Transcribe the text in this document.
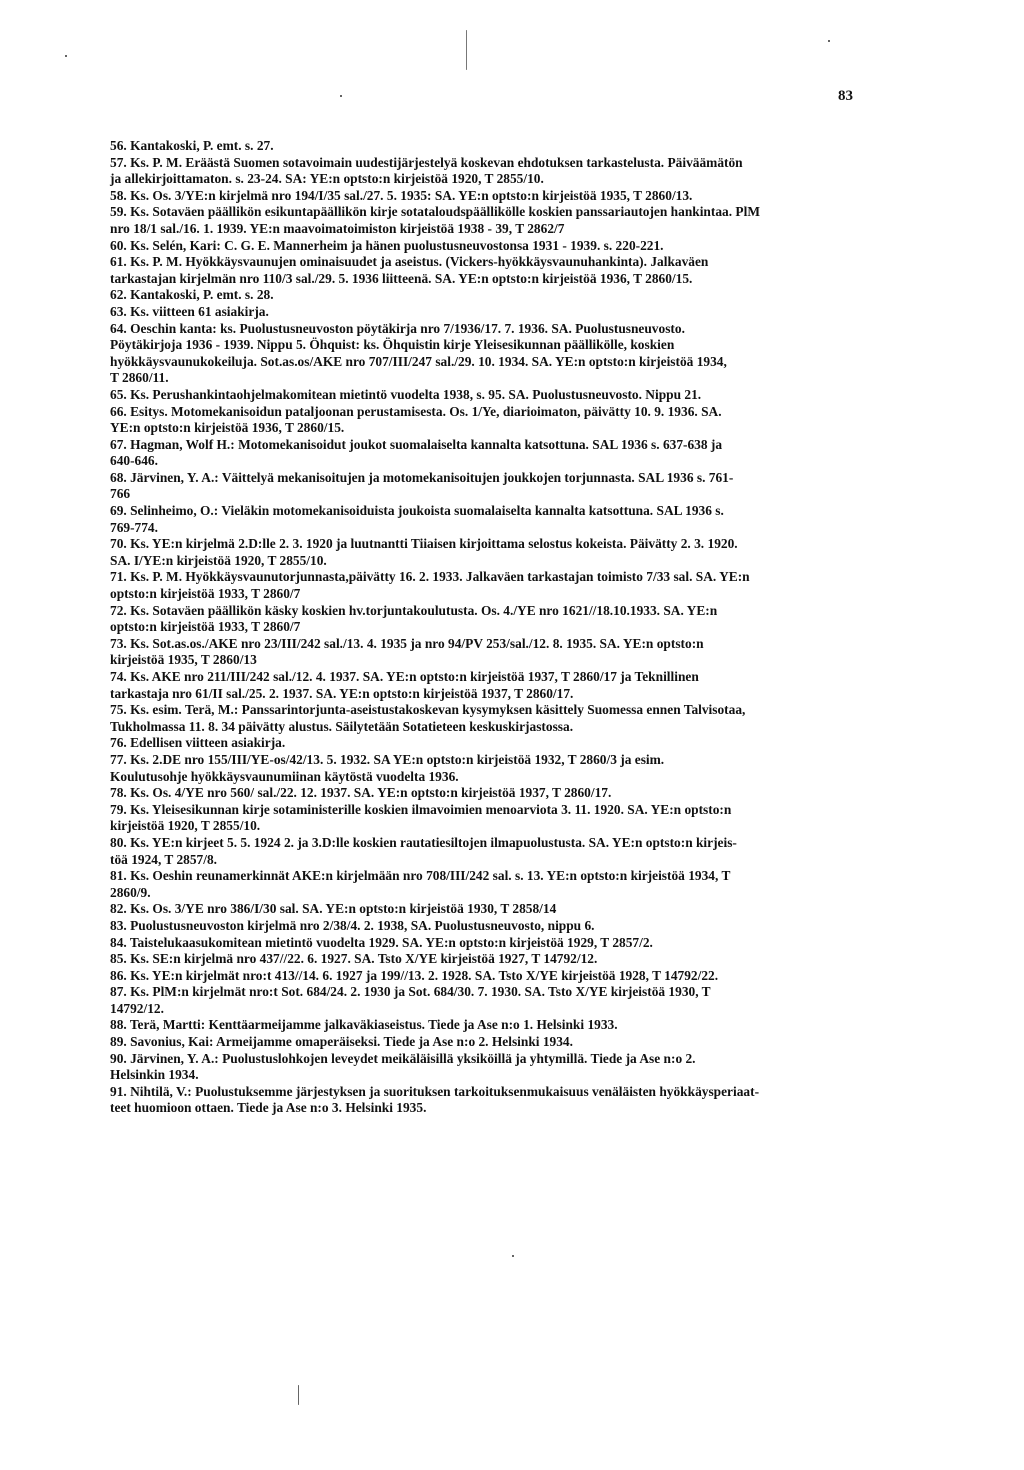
83
56. Kantakoski, P. emt. s. 27.
57. Ks. P. M. Eräästä Suomen sotavoimain uudestijärjestelyä koskevan ehdotuksen tarkastelusta. Päiväämätön
ja allekirjoittamaton. s. 23-24. SA: YE:n optsto:n kirjeistöä 1920, T 2855/10.
58. Ks. Os. 3/YE:n kirjelmä nro 194/I/35 sal./27. 5. 1935: SA. YE:n optsto:n kirjeistöä 1935, T 2860/13.
59. Ks. Sotaväen päällikön esikuntapäällikön kirje sotataloudspäällikölle koskien panssariautojen hankintaa. PlM
nro 18/1 sal./16. 1. 1939. YE:n maavoimatoimiston kirjeistöä 1938 - 39, T 2862/7
60. Ks. Selén, Kari: C. G. E. Mannerheim ja hänen puolustusneuvostonsa 1931 - 1939. s. 220-221.
61. Ks. P. M. Hyökkäysvaunujen ominaisuudet ja aseistus. (Vickers-hyökkäysvaunuhankinta). Jalkaväen
tarkastajan kirjelmän nro 110/3 sal./29. 5. 1936 liitteenä. SA. YE:n optsto:n kirjeistöä 1936, T 2860/15.
62. Kantakoski, P. emt. s. 28.
63. Ks. viitteen 61 asiakirja.
64. Oeschin kanta: ks. Puolustusneuvoston pöytäkirja nro 7/1936/17. 7. 1936. SA. Puolustusneuvosto.
Pöytäkirjoja 1936 - 1939. Nippu 5. Öhquist: ks. Öhquistin kirje Yleisesikunnan päällikölle, koskien
hyökkäysvaunukokeiluja. Sot.as.os/AKE nro 707/III/247 sal./29. 10. 1934. SA. YE:n optsto:n kirjeistöä 1934,
T 2860/11.
65. Ks. Perushankintaohjelmakomitean mietintö vuodelta 1938, s. 95. SA. Puolustusneuvosto. Nippu 21.
66. Esitys. Motomekanisoidun pataljoonan perustamisesta. Os. 1/Ye, diarioimaton, päivätty 10. 9. 1936. SA.
YE:n optsto:n kirjeistöä 1936, T 2860/15.
67. Hagman, Wolf H.: Motomekanisoidut joukot suomalaiselta kannalta katsottuna. SAL 1936 s. 637-638 ja
640-646.
68. Järvinen, Y. A.: Väittelyä mekanisoitujen ja motomekanisoitujen joukkojen torjunnasta. SAL 1936 s. 761-
766
69. Selinheimo, O.: Vieläkin motomekanisoiduista joukoista suomalaiselta kannalta katsottuna. SAL 1936 s.
769-774.
70. Ks. YE:n kirjelmä 2.D:lle 2. 3. 1920 ja luutnantti Tiiaisen kirjoittama selostus kokeista. Päivätty 2. 3. 1920.
SA. I/YE:n kirjeistöä 1920, T 2855/10.
71. Ks. P. M. Hyökkäysvaunutorjunnasta,päivätty 16. 2. 1933. Jalkaväen tarkastajan toimisto 7/33 sal. SA. YE:n
optsto:n kirjeistöä 1933, T 2860/7
72. Ks. Sotaväen päällikön käsky koskien hv.torjuntakoulutusta. Os. 4./YE nro 1621//18.10.1933. SA. YE:n
optsto:n kirjeistöä 1933, T 2860/7
73. Ks. Sot.as.os./AKE nro 23/III/242 sal./13. 4. 1935 ja nro 94/PV 253/sal./12. 8. 1935. SA. YE:n optsto:n
kirjeistöä 1935, T 2860/13
74. Ks. AKE nro 211/III/242 sal./12. 4. 1937. SA. YE:n optsto:n kirjeistöä 1937, T 2860/17 ja Teknillinen
tarkastaja nro 61/II sal./25. 2. 1937. SA. YE:n optsto:n kirjeistöä 1937, T 2860/17.
75. Ks. esim. Terä, M.: Panssarintorjunta-aseistustakoskevan kysymyksen käsittely Suomessa ennen Talvisotaa,
Tukholmassa 11. 8. 34 päivätty alustus. Säilytetään Sotatieteen keskuskirjastossa.
76. Edellisen viitteen asiakirja.
77. Ks. 2.DE nro 155/III/YE-os/42/13. 5. 1932. SA YE:n optsto:n kirjeistöä 1932, T 2860/3 ja esim.
Koulutusohje hyökkäysvaunumiinan käytöstä vuodelta 1936.
78. Ks. Os. 4/YE nro 560/ sal./22. 12. 1937. SA. YE:n optsto:n kirjeistöä 1937, T 2860/17.
79. Ks. Yleisesikunnan kirje sotaministerille koskien ilmavoimien menoarviota 3. 11. 1920. SA. YE:n optsto:n
kirjeistöä 1920, T 2855/10.
80. Ks. YE:n kirjeet 5. 5. 1924 2. ja 3.D:lle koskien rautatiesiltojen ilmapuolustusta. SA. YE:n optsto:n kirjeis-
töä 1924, T 2857/8.
81. Ks. Oeshin reunamerkinnät AKE:n kirjelmään nro 708/III/242 sal. s. 13. YE:n optsto:n kirjeistöä 1934, T
2860/9.
82. Ks. Os. 3/YE nro 386/I/30 sal. SA. YE:n optsto:n kirjeistöä 1930, T 2858/14
83. Puolustusneuvoston kirjelmä nro 2/38/4. 2. 1938, SA. Puolustusneuvosto, nippu 6.
84. Taistelukaasukomitean mietintö vuodelta 1929. SA. YE:n optsto:n kirjeistöä 1929, T 2857/2.
85. Ks. SE:n kirjelmä nro 437//22. 6. 1927. SA. Tsto X/YE kirjeistöä 1927, T 14792/12.
86. Ks. YE:n kirjelmät nro:t 413//14. 6. 1927 ja 199//13. 2. 1928. SA. Tsto X/YE kirjeistöä 1928, T 14792/22.
87. Ks. PlM:n kirjelmät nro:t Sot. 684/24. 2. 1930 ja Sot. 684/30. 7. 1930. SA. Tsto X/YE kirjeistöä 1930, T
14792/12.
88. Terä, Martti: Kenttäarmeijamme jalkaväkiaseistus. Tiede ja Ase n:o 1. Helsinki 1933.
89. Savonius, Kai: Armeijamme omaperäiseksi. Tiede ja Ase n:o 2. Helsinki 1934.
90. Järvinen, Y. A.: Puolustuslohkojen leveydet meikäläisillä yksiköillä ja yhtymillä. Tiede ja Ase n:o 2.
Helsinkin 1934.
91. Nihtilä, V.: Puolustuksemme järjestyksen ja suorituksen tarkoituksenmukaisuus venäläisten hyökkäysperiaat-
teet huomioon ottaen. Tiede ja Ase n:o 3. Helsinki 1935.
